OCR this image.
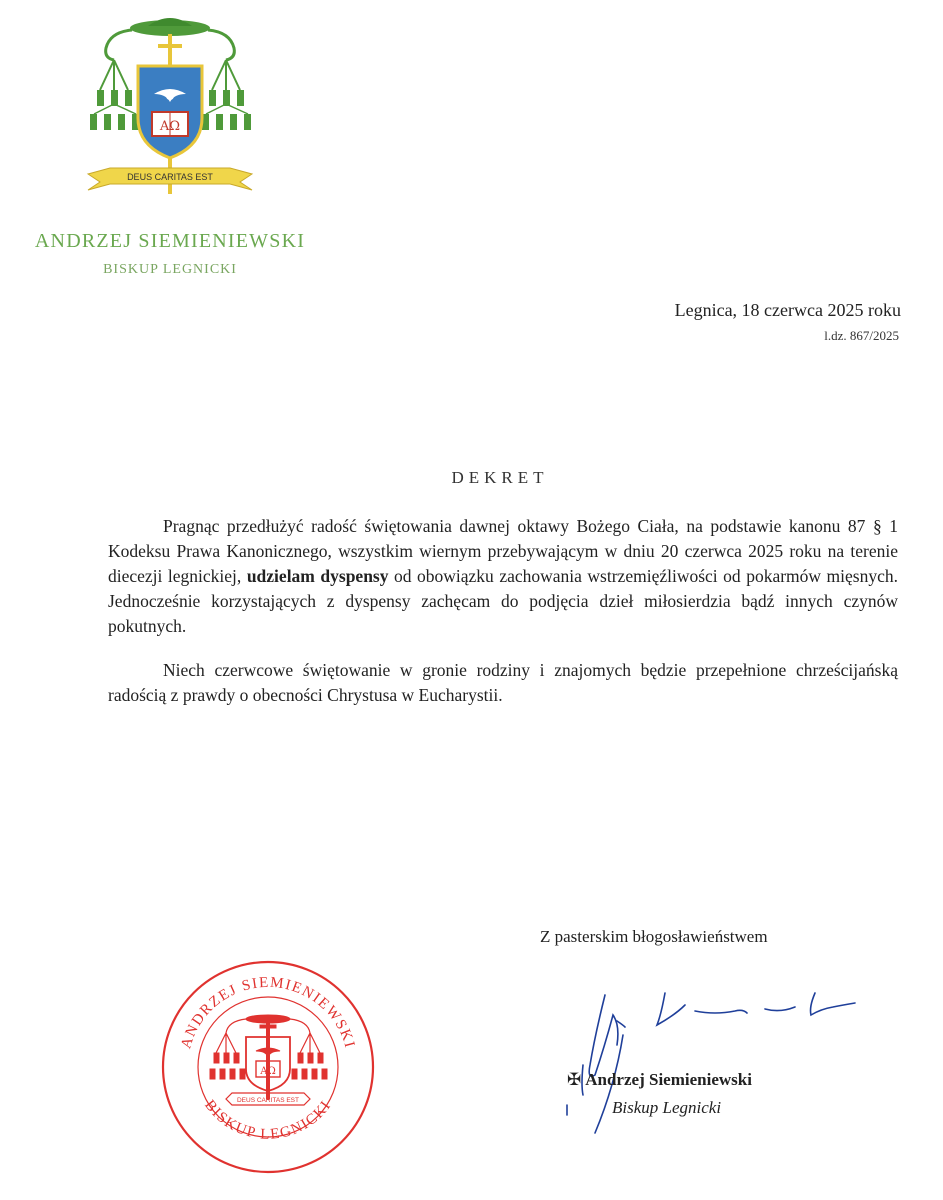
AΩ
DEUS CARITAS EST
ANDRZEJ SIEMIENIEWSKI
BISKUP LEGNICKI
Legnica, 18 czerwca 2025 roku
l.dz. 867/2025
DEKRET

Pragnąc przedłużyć radość świętowania dawnej oktawy Bożego Ciała, na podstawie kanonu 87 § 1 Kodeksu Prawa Kanonicznego, wszystkim wiernym przebywającym w dniu 20 czerwca 2025 roku na terenie diecezji legnickiej, udzielam dyspensy od obowiązku zachowania wstrzemięźliwości od pokarmów mięsnych. Jednocześnie korzystających z dyspensy zachęcam do podjęcia dzieł miłosierdzia bądź innych czynów pokutnych.

Niech czerwcowe świętowanie w gronie rodziny i znajomych będzie przepełnione chrześcijańską radością z prawdy o obecności Chrystusa w Eucharystii.

Z pasterskim błogosławieństwem
✠ Andrzej Siemieniewski
Biskup Legnicki
ANDRZEJ SIEMIENIEWSKI
BISKUP LEGNICKI
AΩ
DEUS CARITAS EST
